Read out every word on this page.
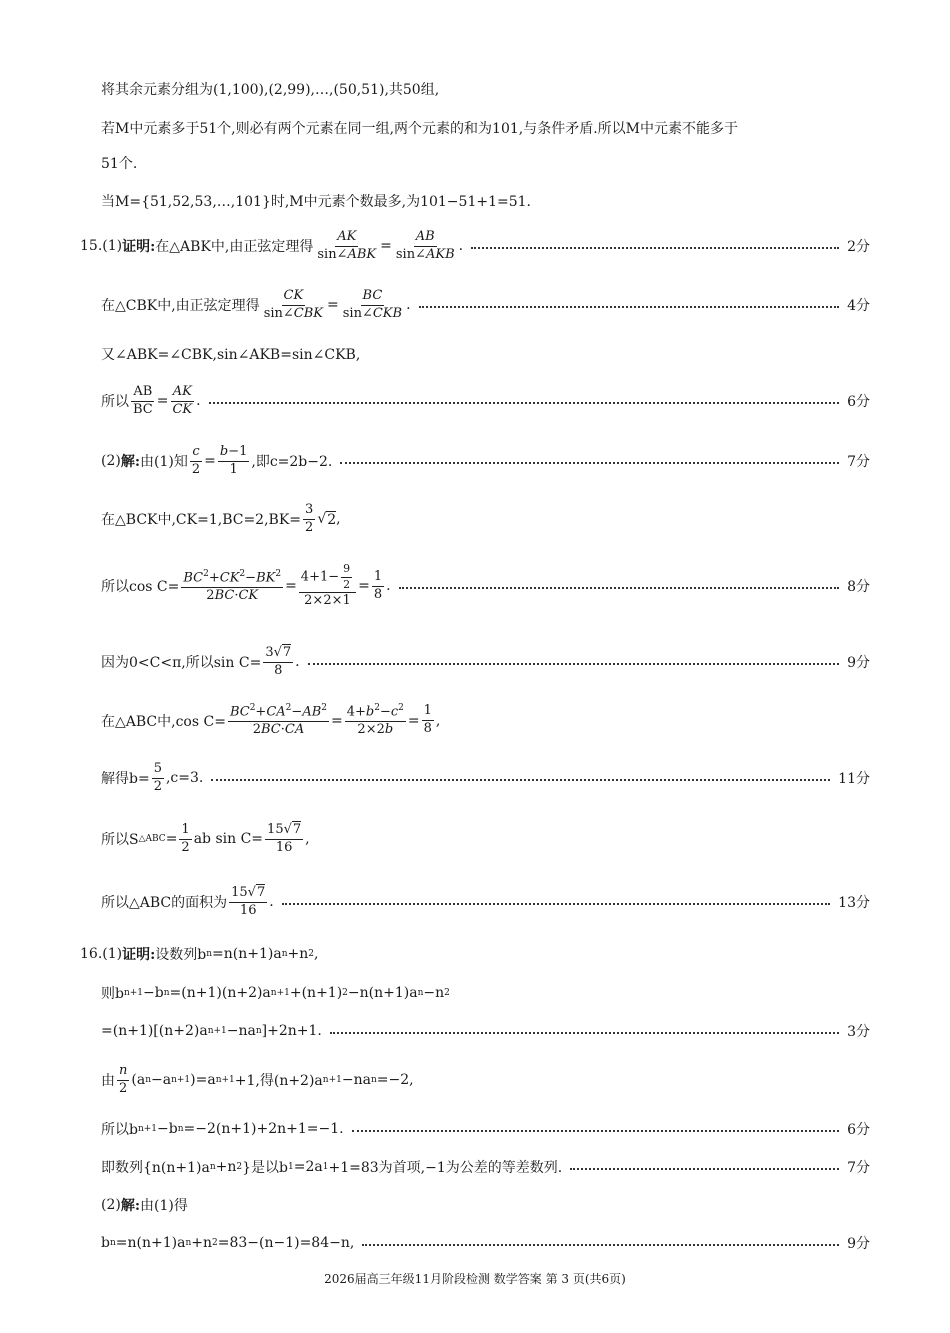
将其余元素分组为(1,100),(2,99),…,(50,51),共50组,
若M中元素多于51个,则必有两个元素在同一组,两个元素的和为101,与条件矛盾.所以M中元素不能多于
51个.
当M={51,52,53,…,101}时,M中元素个数最多,为101−51+1=51.
15.(1) 证明: 在△ABK中,由正弦定理得 $\frac{AK}{\text{sin∠ABK}} = \frac{AB}{\text{sin∠AKB}}$ .	2分
在△CBK中,由正弦定理得 $\frac{CK}{\text{sin∠CBK}} = \frac{BC}{\text{sin∠CKB}}$ .	4分
又∠ABK=∠CBK,sin∠AKB=sin∠CKB,
所以 $\frac{AB}{BC} = \frac{AK}{CK}$ .	6分
(2) 解: 由(1)知 $\frac{c}{2} = \frac{b-1}{1}$ ,即c=2b−2.	7分
在△BCK中$,CK=1,BC=2,BK= \frac{3}{2}$ √ 2 ,
所以$\cos C= \frac{BC^2+CK^2-BK^2}{2BC\cdot CK} = \frac{4+1- \frac{9}{2}}{2\times 2\times 1} = \frac{1}{8}$ .	8分
因为0<C<π,所以$\sin C= \frac{3√7}{8}$ .	9分
在△ABC中,cos $C= \frac{BC^2+CA^2-AB^2}{2BC\cdot CA} = \frac{4+b^2-c^2}{2\times 2b} = \frac{1}{8}$ ,
解得$b= \frac{5}{2} ,c=3$.	11分
所以S △ABC = $\frac{1}{2}$ ab $\sin C= \frac{15√7}{16}$ ,
所以△ABC的面积为 $\frac{15√7}{16}$ .	13分
16.(1) 证明: 设数列b n =n(n+1)a n +n 2 ,
则b n+1 −b n =(n+1)(n+2)a n+1 +(n+1) 2 −n(n+1)a n −n 2
=(n+1)[(n+2)a n+1 −na n ]+2n+1.	3分
由 $\frac{n}{2} (a$ n −a n+1 )=a n+1 +1,得(n+2)a n+1 −na n =−2,
所以b n+1 −b n =−2(n+1)+2n+1=−1.	6分
即数列{n(n+1)a n +n 2 }是以b 1 =2a 1 +1=83为首项,−1为公差的等差数列.	7分
(2) 解: 由(1)得
b n =n(n+1)a n +n 2 =83−(n−1)=84−n,	9分
2026届高三年级11月阶段检测 数学答案 第 3 页(共6页)
